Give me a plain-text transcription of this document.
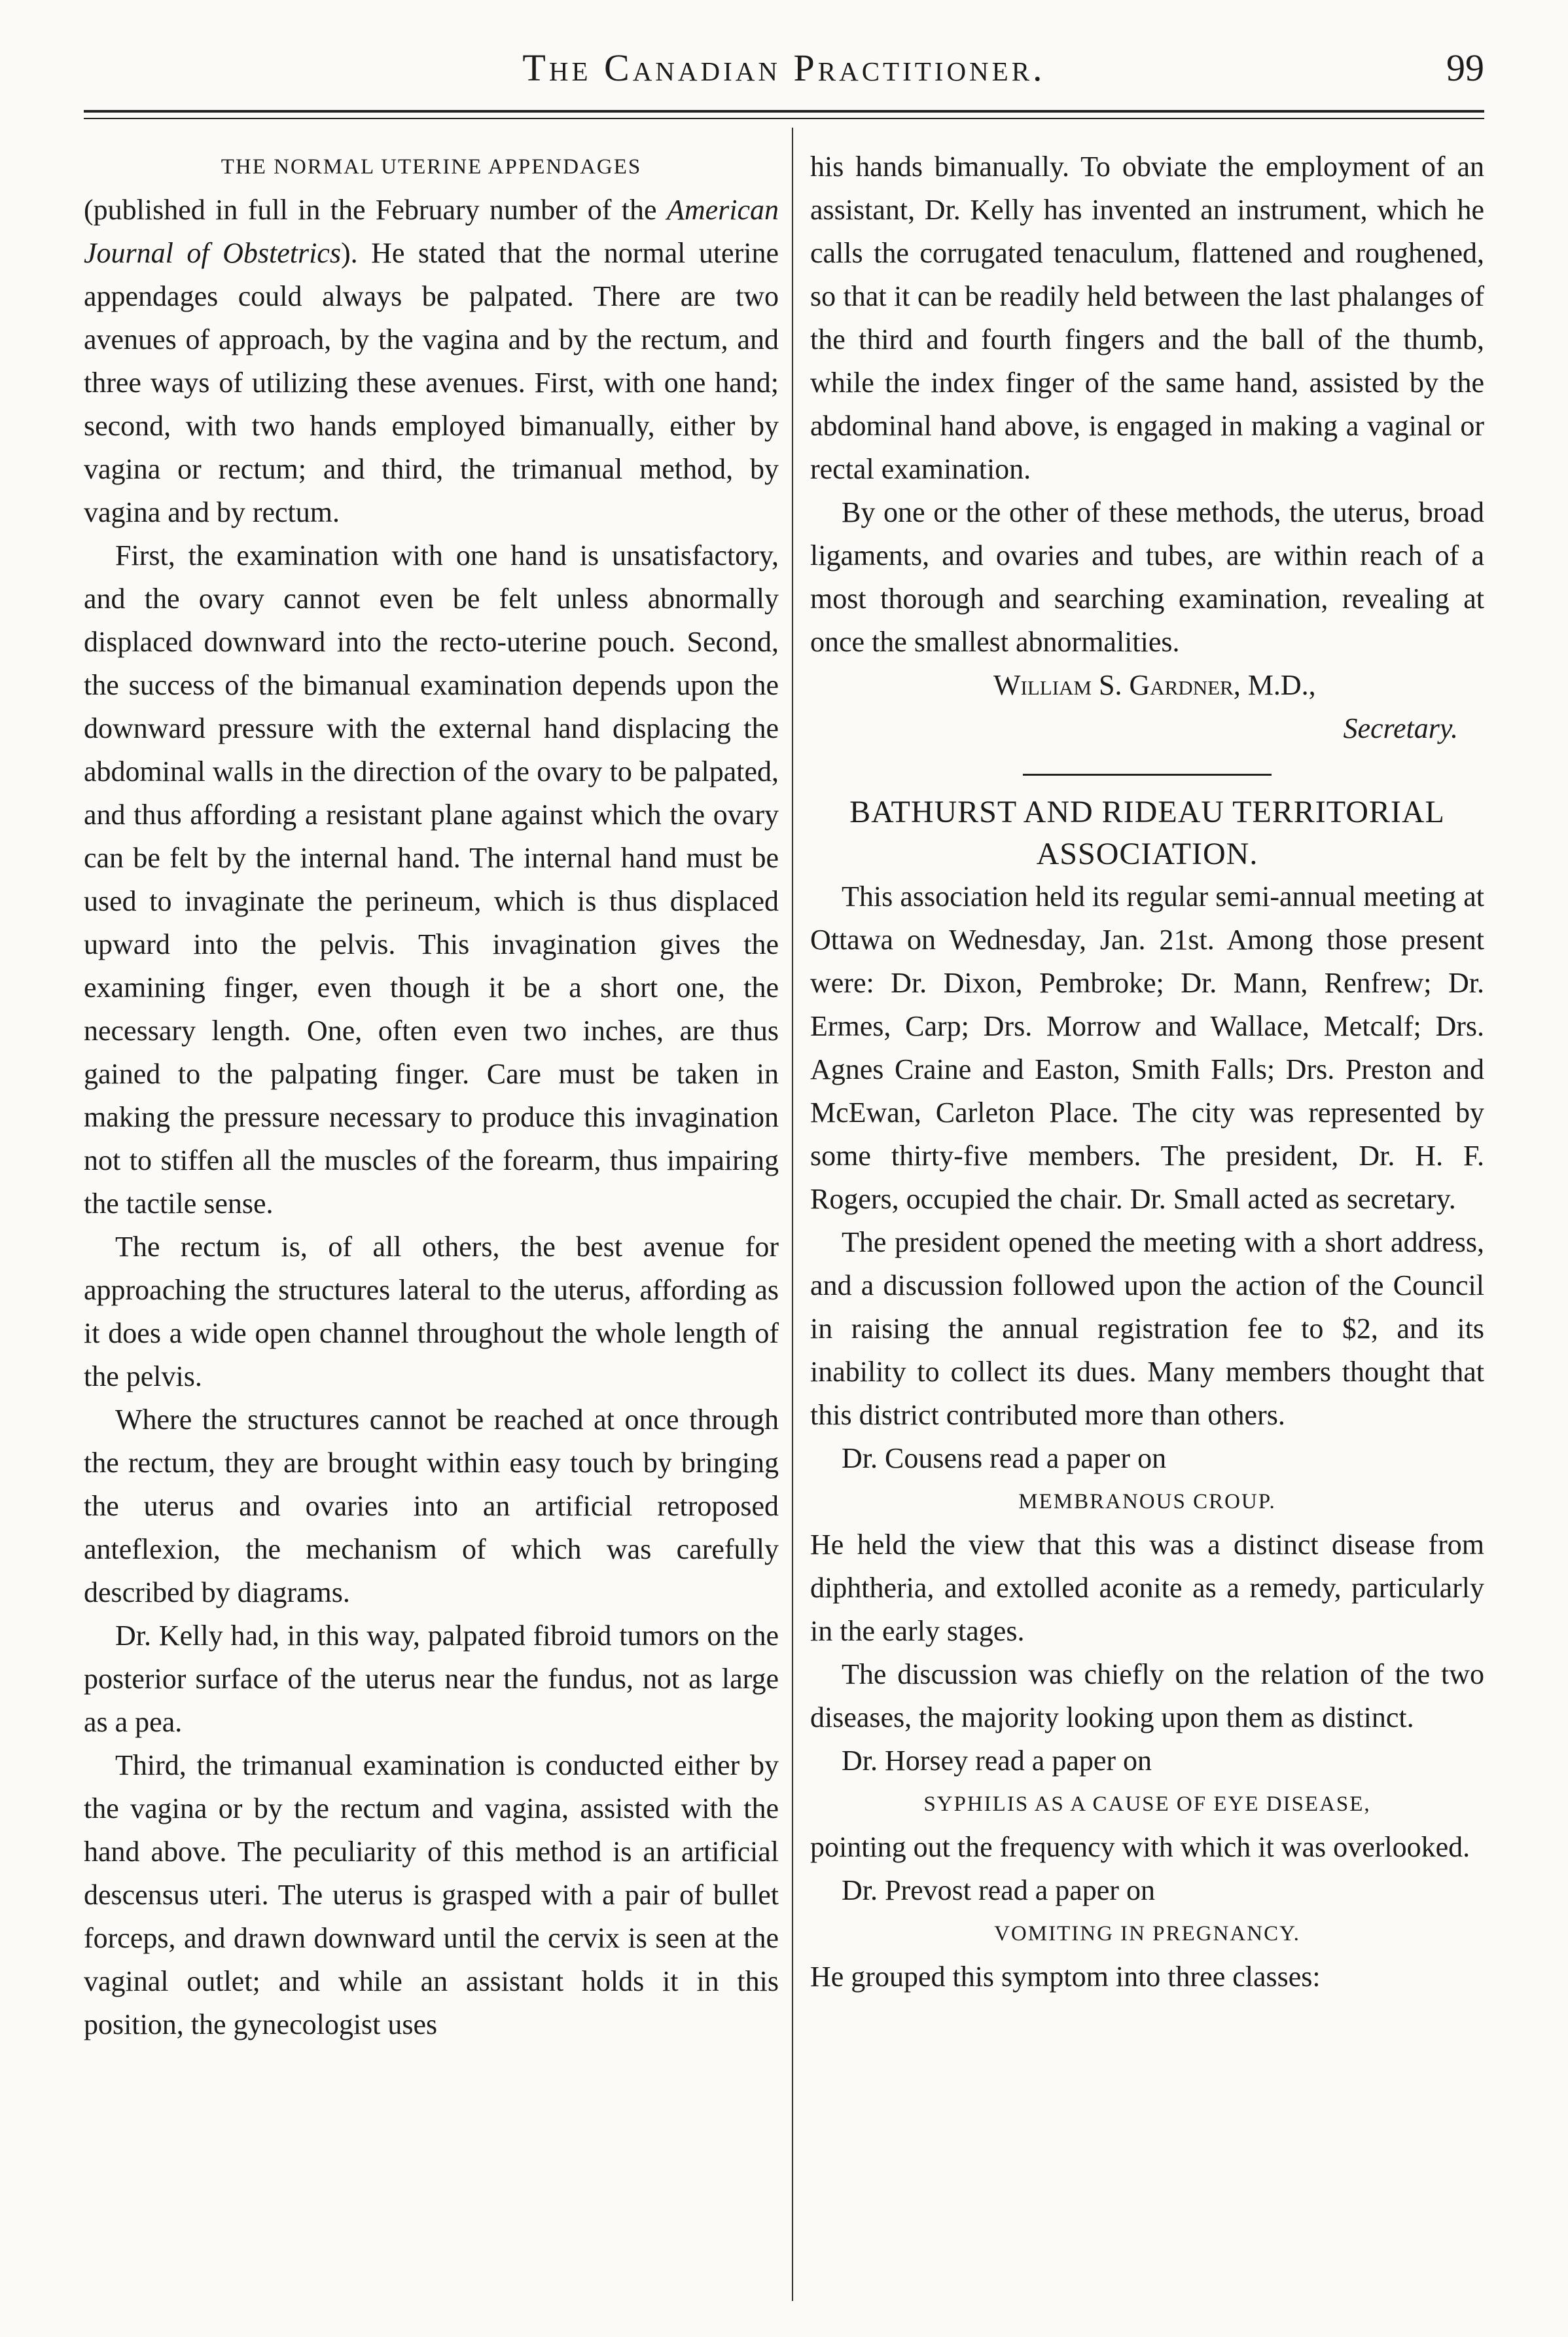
The Canadian Practitioner.	99

THE NORMAL UTERINE APPENDAGES

(published in full in the February number of the American Journal of Obstetrics). He stated that the normal uterine appendages could always be palpated. There are two avenues of approach, by the vagina and by the rectum, and three ways of utilizing these avenues. First, with one hand; second, with two hands employed bimanually, either by vagina or rectum; and third, the trimanual method, by vagina and by rectum.

First, the examination with one hand is unsatisfactory, and the ovary cannot even be felt unless abnormally displaced downward into the recto-uterine pouch. Second, the success of the bimanual examination depends upon the downward pressure with the external hand displacing the abdominal walls in the direction of the ovary to be palpated, and thus affording a resistant plane against which the ovary can be felt by the internal hand. The internal hand must be used to invaginate the perineum, which is thus displaced upward into the pelvis. This invagination gives the examining finger, even though it be a short one, the necessary length. One, often even two inches, are thus gained to the palpating finger. Care must be taken in making the pressure necessary to produce this invagination not to stiffen all the muscles of the forearm, thus impairing the tactile sense.

The rectum is, of all others, the best avenue for approaching the structures lateral to the uterus, affording as it does a wide open channel throughout the whole length of the pelvis.

Where the structures cannot be reached at once through the rectum, they are brought within easy touch by bringing the uterus and ovaries into an artificial retroposed anteflexion, the mechanism of which was carefully described by diagrams.

Dr. Kelly had, in this way, palpated fibroid tumors on the posterior surface of the uterus near the fundus, not as large as a pea.

Third, the trimanual examination is conducted either by the vagina or by the rectum and vagina, assisted with the hand above. The peculiarity of this method is an artificial descensus uteri. The uterus is grasped with a pair of bullet forceps, and drawn downward until the cervix is seen at the vaginal outlet; and while an assistant holds it in this position, the gynecologist uses

his hands bimanually. To obviate the employment of an assistant, Dr. Kelly has invented an instrument, which he calls the corrugated tenaculum, flattened and roughened, so that it can be readily held between the last phalanges of the third and fourth fingers and the ball of the thumb, while the index finger of the same hand, assisted by the abdominal hand above, is engaged in making a vaginal or rectal examination.

By one or the other of these methods, the uterus, broad ligaments, and ovaries and tubes, are within reach of a most thorough and searching examination, revealing at once the smallest abnormalities.

William S. Gardner, M.D.,

Secretary.

BATHURST AND RIDEAU TERRITORIAL ASSOCIATION.

This association held its regular semi-annual meeting at Ottawa on Wednesday, Jan. 21st. Among those present were: Dr. Dixon, Pembroke; Dr. Mann, Renfrew; Dr. Ermes, Carp; Drs. Morrow and Wallace, Metcalf; Drs. Agnes Craine and Easton, Smith Falls; Drs. Preston and McEwan, Carleton Place. The city was represented by some thirty-five members. The president, Dr. H. F. Rogers, occupied the chair. Dr. Small acted as secretary.

The president opened the meeting with a short address, and a discussion followed upon the action of the Council in raising the annual registration fee to $2, and its inability to collect its dues. Many members thought that this district contributed more than others.

Dr. Cousens read a paper on

MEMBRANOUS CROUP.

He held the view that this was a distinct disease from diphtheria, and extolled aconite as a remedy, particularly in the early stages.

The discussion was chiefly on the relation of the two diseases, the majority looking upon them as distinct.

Dr. Horsey read a paper on

SYPHILIS AS A CAUSE OF EYE DISEASE,

pointing out the frequency with which it was overlooked.

Dr. Prevost read a paper on

VOMITING IN PREGNANCY.

He grouped this symptom into three classes:
